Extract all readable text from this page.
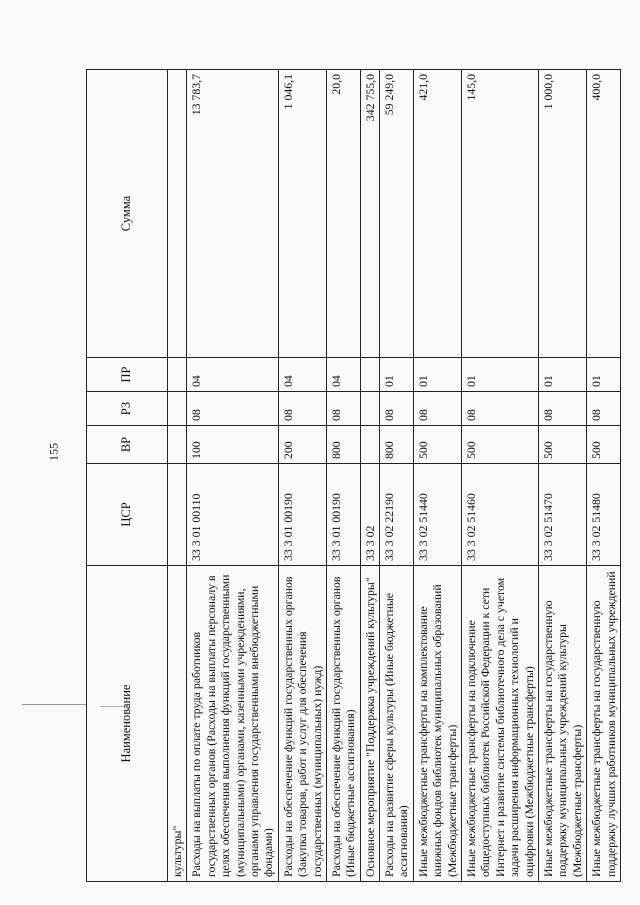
155
Наименование	ЦСР	ВР	РЗ	ПР	Сумма
культуры"					
Расходы на выплаты по оплате труда работников государственных органов (Расходы на выплаты персоналу в целях обеспечения выполнения функций государственными (муниципальными) органами, казенными учреждениями, органами управления государственными внебюджетными фондами)	33 3 01 00110	100	08	04	13 783,7
Расходы на обеспечение функций государственных органов (Закупка товаров, работ и услуг для обеспечения государственных (муниципальных) нужд)	33 3 01 00190	200	08	04	1 046,1
Расходы на обеспечение функций государственных органов (Иные бюджетные ассигнования)	33 3 01 00190	800	08	04	20,0
Основное мероприятие "Поддержка учреждений культуры"	33 3 02				342 755,0
Расходы на развитие сферы культуры (Иные бюджетные ассигнования)	33 3 02 22190	800	08	01	59 249,0
Иные межбюджетные трансферты на комплектование книжных фондов библиотек муниципальных образований (Межбюджетные трансферты)	33 3 02 51440	500	08	01	421,0
Иные межбюджетные трансферты на подключение общедоступных библиотек Российской Федерации к сети Интернет и развитие системы библиотечного дела с учетом задачи расширения информационных технологий и оцифровки (Межбюджетные трансферты)	33 3 02 51460	500	08	01	145,0
Иные межбюджетные трансферты на государственную поддержку муниципальных учреждений культуры (Межбюджетные трансферты)	33 3 02 51470	500	08	01	1 000,0
Иные межбюджетные трансферты на государственную поддержку лучших работников муниципальных учреждений	33 3 02 51480	500	08	01	400,0
